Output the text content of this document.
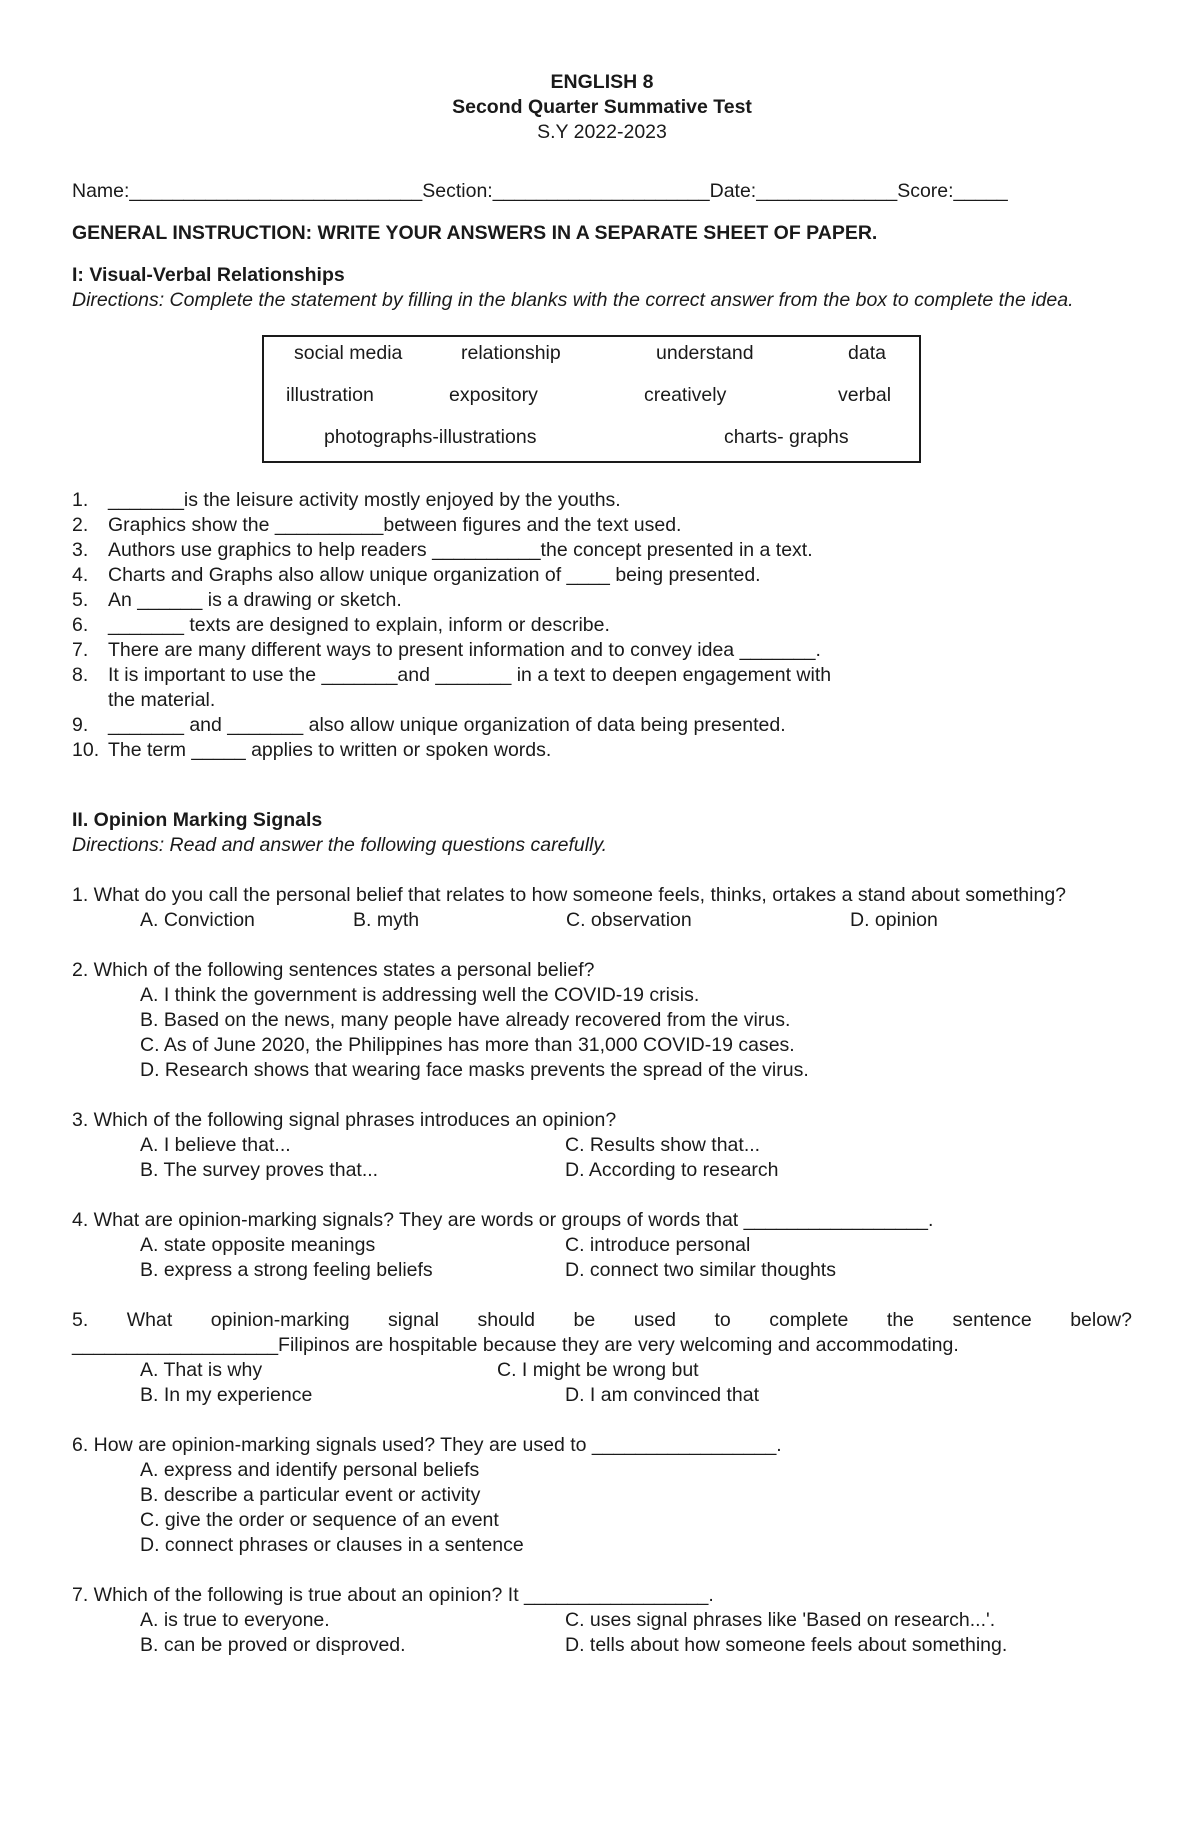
ENGLISH 8
Second Quarter Summative Test
S.Y 2022-2023
Name:___________________________Section:____________________Date:_____________Score:_____
GENERAL INSTRUCTION: WRITE YOUR ANSWERS IN A SEPARATE SHEET OF PAPER.
I: Visual-Verbal Relationships
Directions: Complete the statement by filling in the blanks with the correct answer from the box to complete the idea.
social media	relationship	understand	data
illustration	expository	creatively	verbal
photographs-illustrations	charts- graphs
1.	_______is the leisure activity mostly enjoyed by the youths.
2.	Graphics show the __________between figures and the text used.
3.	Authors use graphics to help readers __________the concept presented in a text.
4.	Charts and Graphs also allow unique organization of ____ being presented.
5.	An ______ is a drawing or sketch.
6.	_______ texts are designed to explain, inform or describe.
7.	There are many different ways to present information and to convey idea _______.
8.	It is important to use the _______and _______ in a text to deepen engagement with
the material.
9.	_______ and _______ also allow unique organization of data being presented.
10. The term _____ applies to written or spoken words.
II. Opinion Marking Signals
Directions: Read and answer the following questions carefully.
1. What do you call the personal belief that relates to how someone feels, thinks, ortakes a stand about something?
A. Conviction	B. myth	C. observation	D. opinion
2. Which of the following sentences states a personal belief?
A. I think the government is addressing well the COVID-19 crisis.
B. Based on the news, many people have already recovered from the virus.
C. As of June 2020, the Philippines has more than 31,000 COVID-19 cases.
D. Research shows that wearing face masks prevents the spread of the virus.
3. Which of the following signal phrases introduces an opinion?
A. I believe that...	C. Results show that...
B. The survey proves that...	D. According to research
4. What are opinion-marking signals? They are words or groups of words that _________________.
A. state opposite meanings	C. introduce personal
B. express a strong feeling beliefs	D. connect two similar thoughts
5. What opinion-marking signal should be used to complete the sentence below?
___________________Filipinos are hospitable because they are very welcoming and accommodating.
A. That is why	C. I might be wrong but
B. In my experience	D. I am convinced that
6. How are opinion-marking signals used? They are used to _________________.
A. express and identify personal beliefs
B. describe a particular event or activity
C. give the order or sequence of an event
D. connect phrases or clauses in a sentence
7. Which of the following is true about an opinion? It _________________.
A. is true to everyone.	C. uses signal phrases like 'Based on research...'.
B. can be proved or disproved.	D. tells about how someone feels about something.
